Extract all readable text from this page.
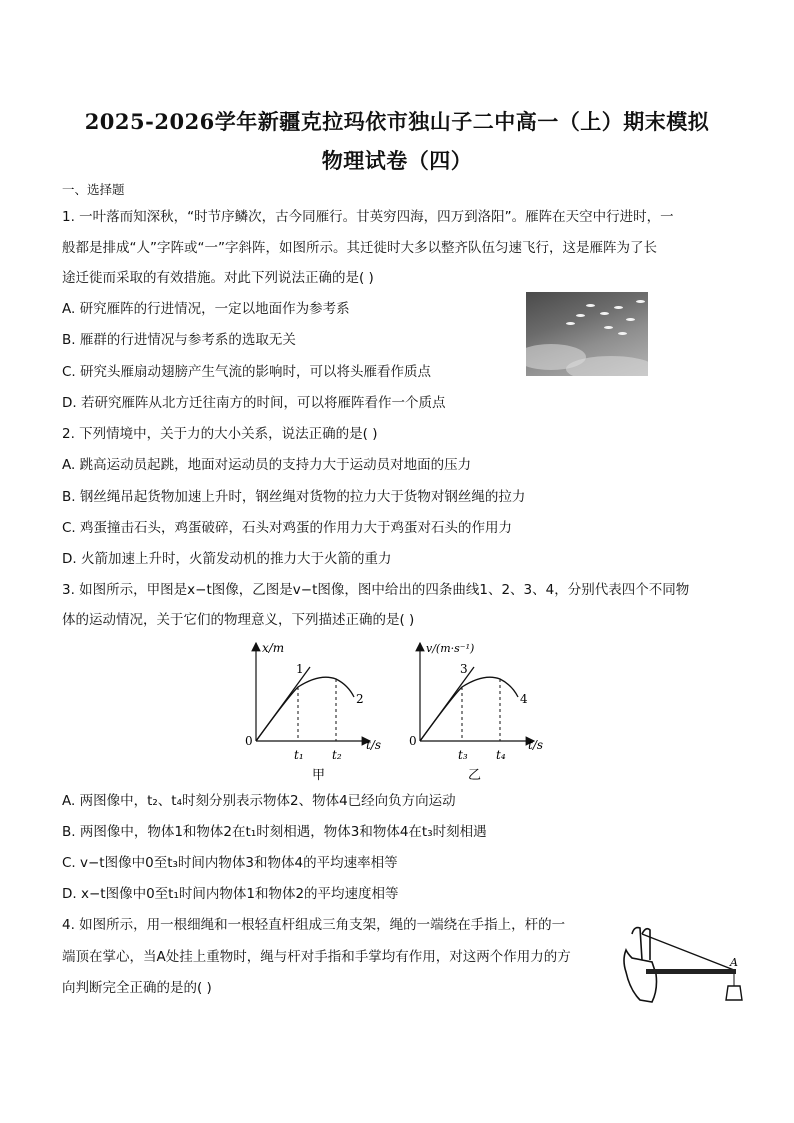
2025-2026学年新疆克拉玛依市独山子二中高一（上）期末模拟
物理试卷（四）
一、选择题
1. 一叶落而知深秋，“时节序鳞次，古今同雁行。甘英穷四海，四万到洛阳”。雁阵在天空中行进时，一
般都是排成“人”字阵或“一”字斜阵，如图所示。其迁徙时大多以整齐队伍匀速飞行，这是雁阵为了长
途迁徙而采取的有效措施。对此下列说法正确的是( )
A. 研究雁阵的行进情况，一定以地面作为参考系
B. 雁群的行进情况与参考系的选取无关
C. 研究头雁扇动翅膀产生气流的影响时，可以将头雁看作质点
D. 若研究雁阵从北方迁往南方的时间，可以将雁阵看作一个质点
2. 下列情境中，关于力的大小关系，说法正确的是( )
A. 跳高运动员起跳，地面对运动员的支持力大于运动员对地面的压力
B. 钢丝绳吊起货物加速上升时，钢丝绳对货物的拉力大于货物对钢丝绳的拉力
C. 鸡蛋撞击石头，鸡蛋破碎，石头对鸡蛋的作用力大于鸡蛋对石头的作用力
D. 火箭加速上升时，火箭发动机的推力大于火箭的重力
3. 如图所示，甲图是x−t图像，乙图是v−t图像，图中给出的四条曲线1、2、3、4，分别代表四个不同物
体的运动情况，关于它们的物理意义，下列描述正确的是( )
x/m
1
2
0
t₁ t₂
t/s
甲
v/(m·s⁻¹)
3
4
0
t₃ t₄
t/s
乙
A. 两图像中，t₂、t₄时刻分别表示物体2、物体4已经向负方向运动
B. 两图像中，物体1和物体2在t₁时刻相遇，物体3和物体4在t₃时刻相遇
C. v−t图像中0至t₃时间内物体3和物体4的平均速率相等
D. x−t图像中0至t₁时间内物体1和物体2的平均速度相等
4. 如图所示，用一根细绳和一根轻直杆组成三角支架，绳的一端绕在手指上，杆的一
端顶在掌心，当A处挂上重物时，绳与杆对手指和手掌均有作用，对这两个作用力的方
向判断完全正确的是的( )
A
